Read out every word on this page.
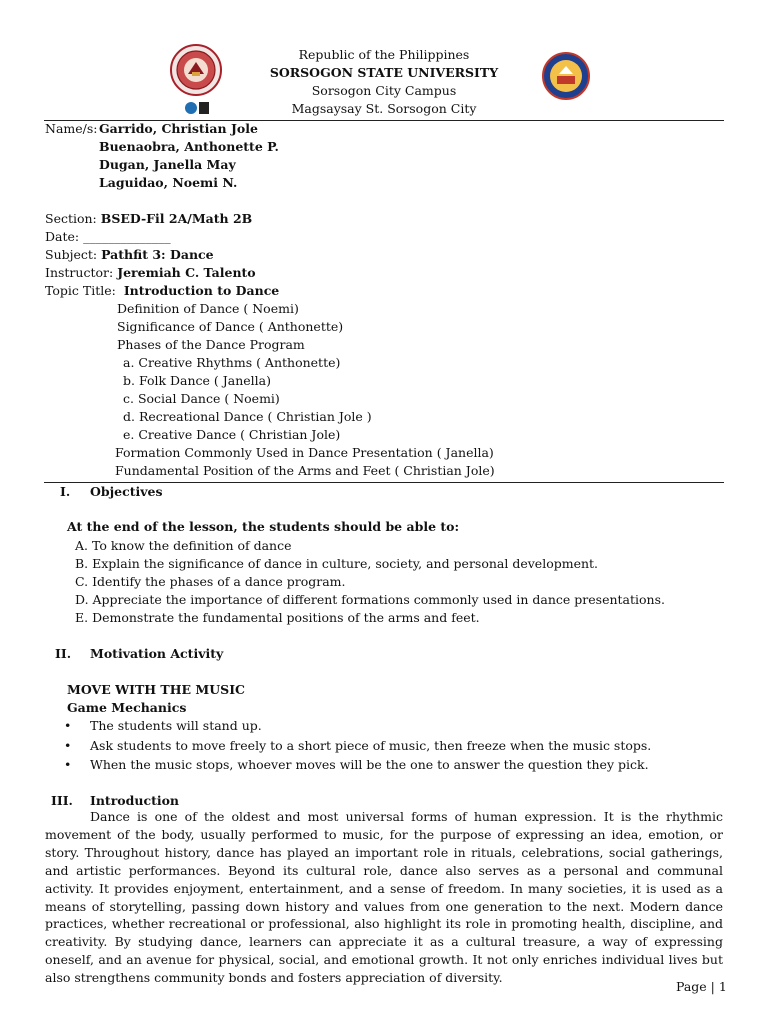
Republic of the Philippines
SORSOGON STATE UNIVERSITY
Sorsogon City Campus
Magsaysay St. Sorsogon City
Name/s: Garrido, Christian Jole
Buenaobra, Anthonette P.
Dugan, Janella May
Laguidao, Noemi N.
Section: BSED-Fil 2A/Math 2B
Date: ______________
Subject: Pathfit 3: Dance
Instructor: Jeremiah C. Talento
Topic Title: Introduction to Dance
Definition of Dance ( Noemi)
Significance of Dance ( Anthonette)
Phases of the Dance Program
a. Creative Rhythms ( Anthonette)
b. Folk Dance ( Janella)
c. Social Dance ( Noemi)
d. Recreational Dance ( Christian Jole )
e. Creative Dance ( Christian Jole)
Formation Commonly Used in Dance Presentation ( Janella)
Fundamental Position of the Arms and Feet ( Christian Jole)
I. Objectives
At the end of the lesson, the students should be able to:
A. To know the definition of dance
B. Explain the significance of dance in culture, society, and personal development.
C. Identify the phases of a dance program.
D. Appreciate the importance of different formations commonly used in dance presentations.
E. Demonstrate the fundamental positions of the arms and feet.
II. Motivation Activity
MOVE WITH THE MUSIC
Game Mechanics
• The students will stand up.
• Ask students to move freely to a short piece of music, then freeze when the music stops.
• When the music stops, whoever moves will be the one to answer the question they pick.
III. Introduction
Dance is one of the oldest and most universal forms of human expression. It is the rhythmic movement of the body, usually performed to music, for the purpose of expressing an idea, emotion, or story. Throughout history, dance has played an important role in rituals, celebrations, social gatherings, and artistic performances. Beyond its cultural role, dance also serves as a personal and communal activity. It provides enjoyment, entertainment, and a sense of freedom. In many societies, it is used as a means of storytelling, passing down history and values from one generation to the next. Modern dance practices, whether recreational or professional, also highlight its role in promoting health, discipline, and creativity. By studying dance, learners can appreciate it as a cultural treasure, a way of expressing oneself, and an avenue for physical, social, and emotional growth. It not only enriches individual lives but also strengthens community bonds and fosters appreciation of diversity.
Page | 1
